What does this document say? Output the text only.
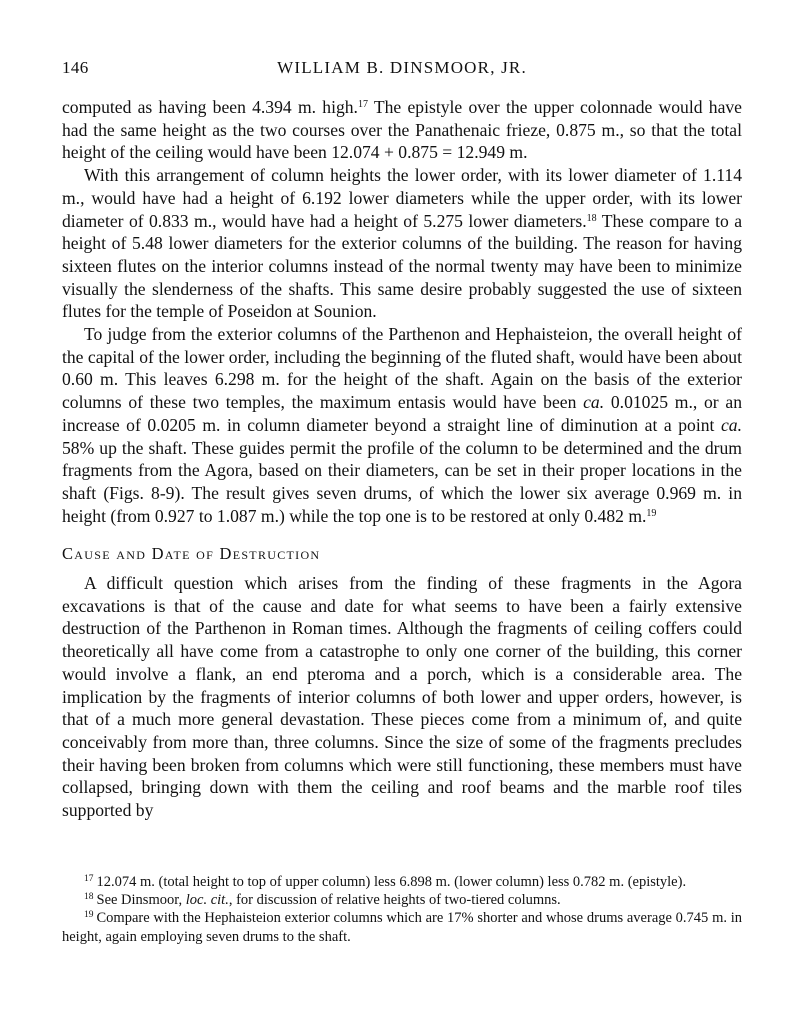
146	WILLIAM B. DINSMOOR, JR.

computed as having been 4.394 m. high.$^{17}$ The epistyle over the upper colonnade would have had the same height as the two courses over the Panathenaic frieze, 0.875 m., so that the total height of the ceiling would have been 12.074 + 0.875 = 12.949 m.

With this arrangement of column heights the lower order, with its lower diameter of 1.114 m., would have had a height of 6.192 lower diameters while the upper order, with its lower diameter of 0.833 m., would have had a height of 5.275 lower diameters.$^{18}$ These compare to a height of 5.48 lower diameters for the exterior columns of the building. The reason for having sixteen flutes on the interior columns instead of the normal twenty may have been to minimize visually the slenderness of the shafts. This same desire probably suggested the use of sixteen flutes for the temple of Poseidon at Sounion.

To judge from the exterior columns of the Parthenon and Hephaisteion, the overall height of the capital of the lower order, including the beginning of the fluted shaft, would have been about 0.60 m. This leaves 6.298 m. for the height of the shaft. Again on the basis of the exterior columns of these two temples, the maximum entasis would have been ca. 0.01025 m., or an increase of 0.0205 m. in column diameter beyond a straight line of diminution at a point ca. 58% up the shaft. These guides permit the profile of the column to be determined and the drum fragments from the Agora, based on their diameters, can be set in their proper locations in the shaft (Figs. 8-9). The result gives seven drums, of which the lower six average 0.969 m. in height (from 0.927 to 1.087 m.) while the top one is to be restored at only 0.482 m.$^{19}$

Cause and Date of Destruction

A difficult question which arises from the finding of these fragments in the Agora excavations is that of the cause and date for what seems to have been a fairly extensive destruction of the Parthenon in Roman times. Although the fragments of ceiling coffers could theoretically all have come from a catastrophe to only one corner of the building, this corner would involve a flank, an end pteroma and a porch, which is a considerable area. The implication by the fragments of interior columns of both lower and upper orders, however, is that of a much more general devastation. These pieces come from a minimum of, and quite conceivably from more than, three columns. Since the size of some of the fragments precludes their having been broken from columns which were still functioning, these members must have collapsed, bringing down with them the ceiling and roof beams and the marble roof tiles supported by

$^{17}$ 12.074 m. (total height to top of upper column) less 6.898 m. (lower column) less 0.782 m. (epistyle).

$^{18}$ See Dinsmoor, loc. cit., for discussion of relative heights of two-tiered columns.

$^{19}$ Compare with the Hephaisteion exterior columns which are 17% shorter and whose drums average 0.745 m. in height, again employing seven drums to the shaft.
